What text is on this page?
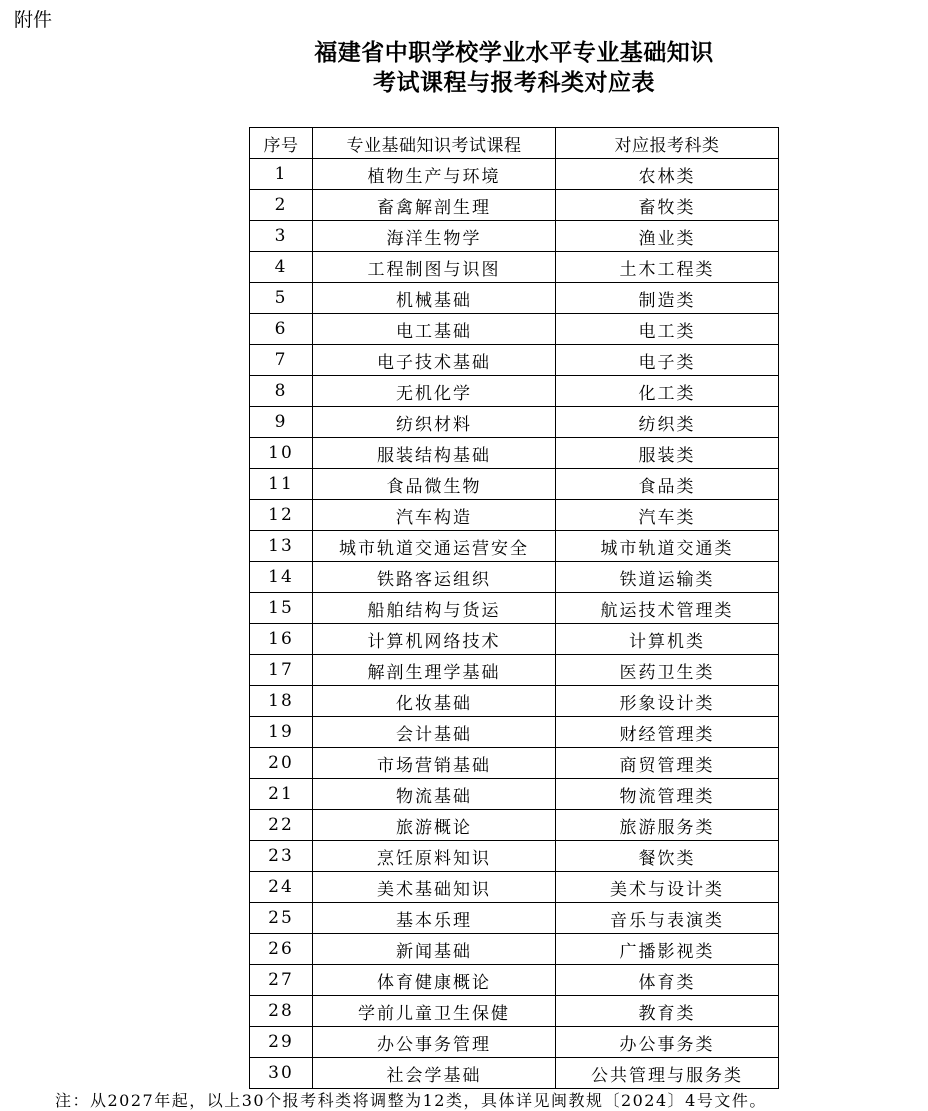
附件
福建省中职学校学业水平专业基础知识
考试课程与报考科类对应表
序号	专业基础知识考试课程	对应报考科类
1	植物生产与环境	农林类
2	畜禽解剖生理	畜牧类
3	海洋生物学	渔业类
4	工程制图与识图	土木工程类
5	机械基础	制造类
6	电工基础	电工类
7	电子技术基础	电子类
8	无机化学	化工类
9	纺织材料	纺织类
10	服装结构基础	服装类
11	食品微生物	食品类
12	汽车构造	汽车类
13	城市轨道交通运营安全	城市轨道交通类
14	铁路客运组织	铁道运输类
15	船舶结构与货运	航运技术管理类
16	计算机网络技术	计算机类
17	解剖生理学基础	医药卫生类
18	化妆基础	形象设计类
19	会计基础	财经管理类
20	市场营销基础	商贸管理类
21	物流基础	物流管理类
22	旅游概论	旅游服务类
23	烹饪原料知识	餐饮类
24	美术基础知识	美术与设计类
25	基本乐理	音乐与表演类
26	新闻基础	广播影视类
27	体育健康概论	体育类
28	学前儿童卫生保健	教育类
29	办公事务管理	办公事务类
30	社会学基础	公共管理与服务类
注：从2027年起，以上30个报考科类将调整为12类，具体详见闽教规〔2024〕4号文件。
